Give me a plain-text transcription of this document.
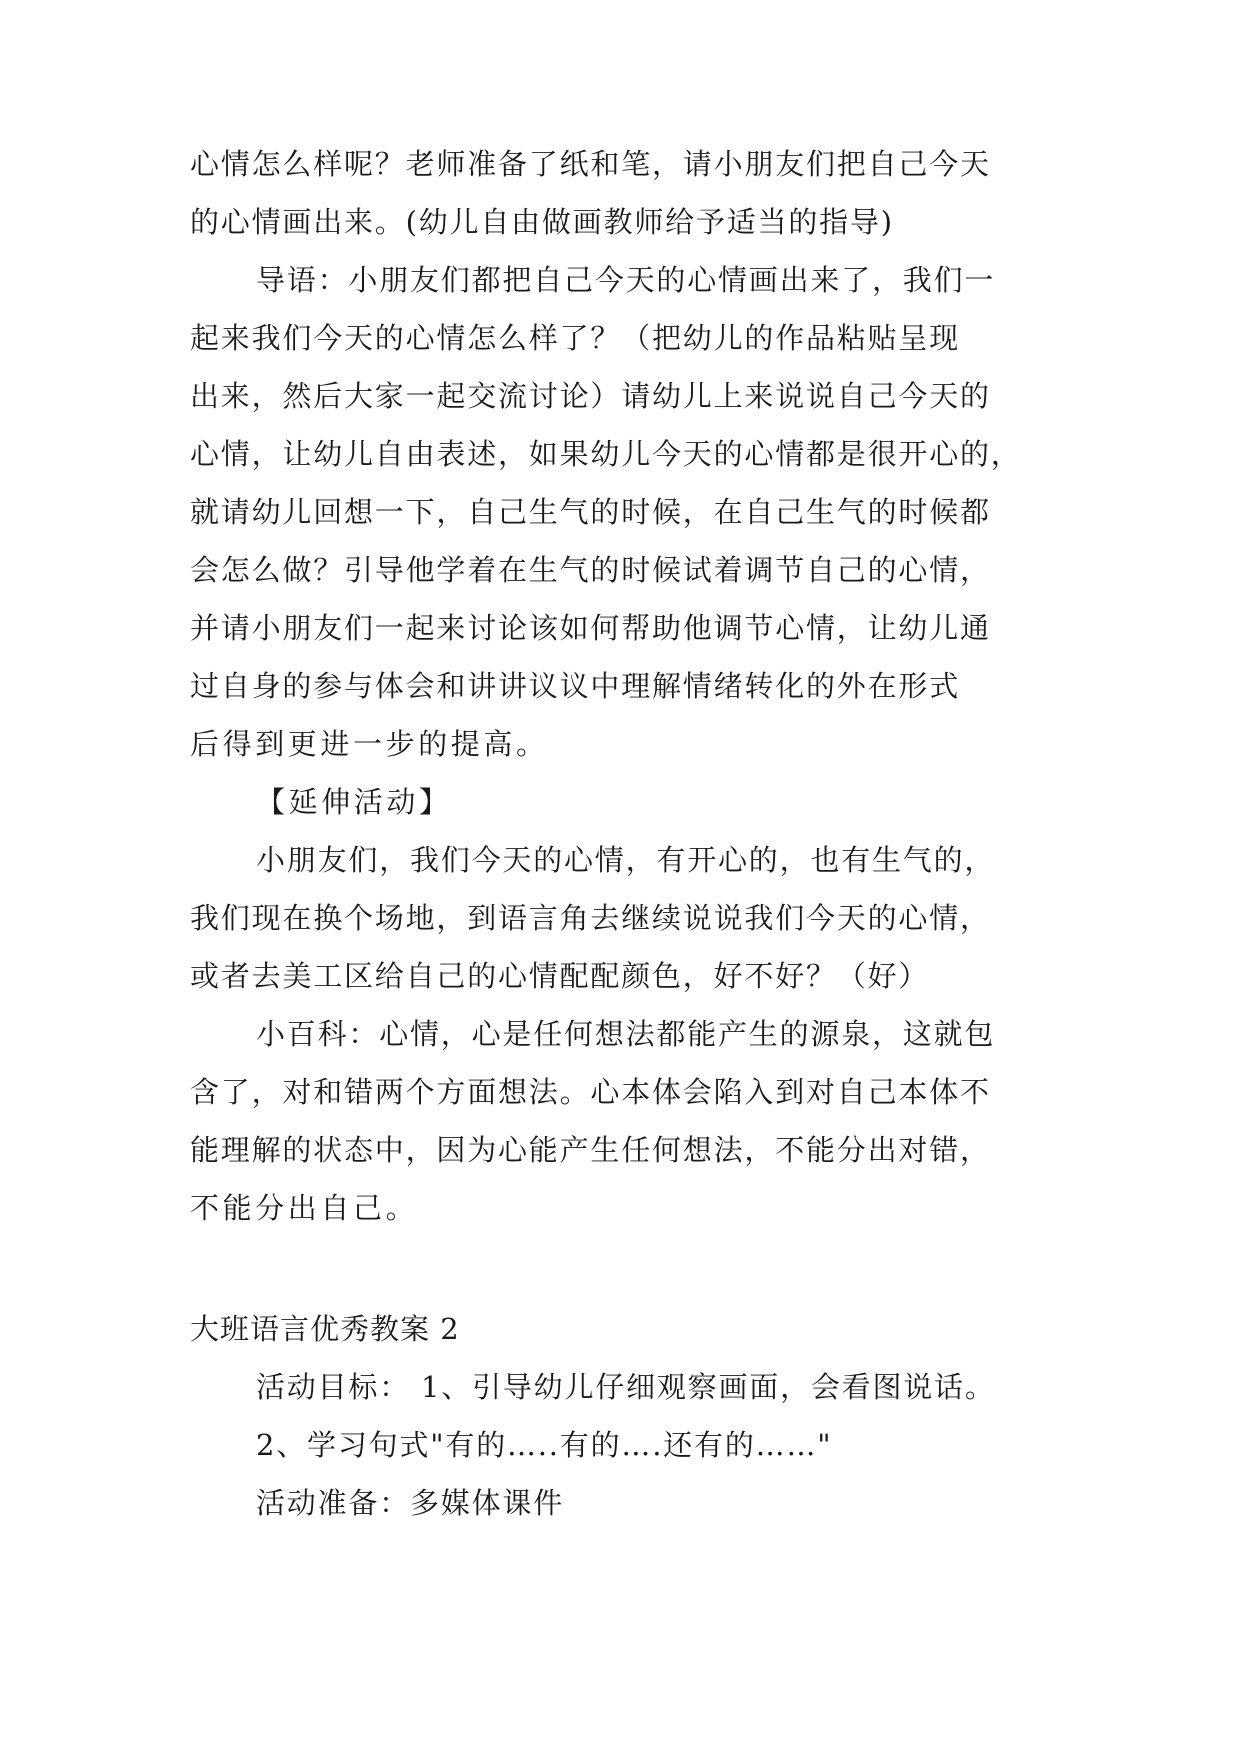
心情怎么样呢？老师准备了纸和笔，请小朋友们把自己今天
的心情画出来。(幼儿自由做画教师给予适当的指导)
导语：小朋友们都把自己今天的心情画出来了，我们一
起来我们今天的心情怎么样了？（把幼儿的作品粘贴呈现
出来，然后大家一起交流讨论）请幼儿上来说说自己今天的
心情，让幼儿自由表述，如果幼儿今天的心情都是很开心的，
就请幼儿回想一下，自己生气的时候，在自己生气的时候都
会怎么做？引导他学着在生气的时候试着调节自己的心情，
并请小朋友们一起来讨论该如何帮助他调节心情，让幼儿通
过自身的参与体会和讲讲议议中理解情绪转化的外在形式
后得到更进一步的提高。
【延伸活动】
小朋友们，我们今天的心情，有开心的，也有生气的，
我们现在换个场地，到语言角去继续说说我们今天的心情，
或者去美工区给自己的心情配配颜色，好不好？（好）
小百科：心情，心是任何想法都能产生的源泉，这就包
含了，对和错两个方面想法。心本体会陷入到对自己本体不
能理解的状态中，因为心能产生任何想法，不能分出对错，
不能分出自己。
大班语言优秀教案 2
活动目标： 1、引导幼儿仔细观察画面，会看图说话。
2、学习句式"有的…..有的….还有的……"
活动准备：多媒体课件
